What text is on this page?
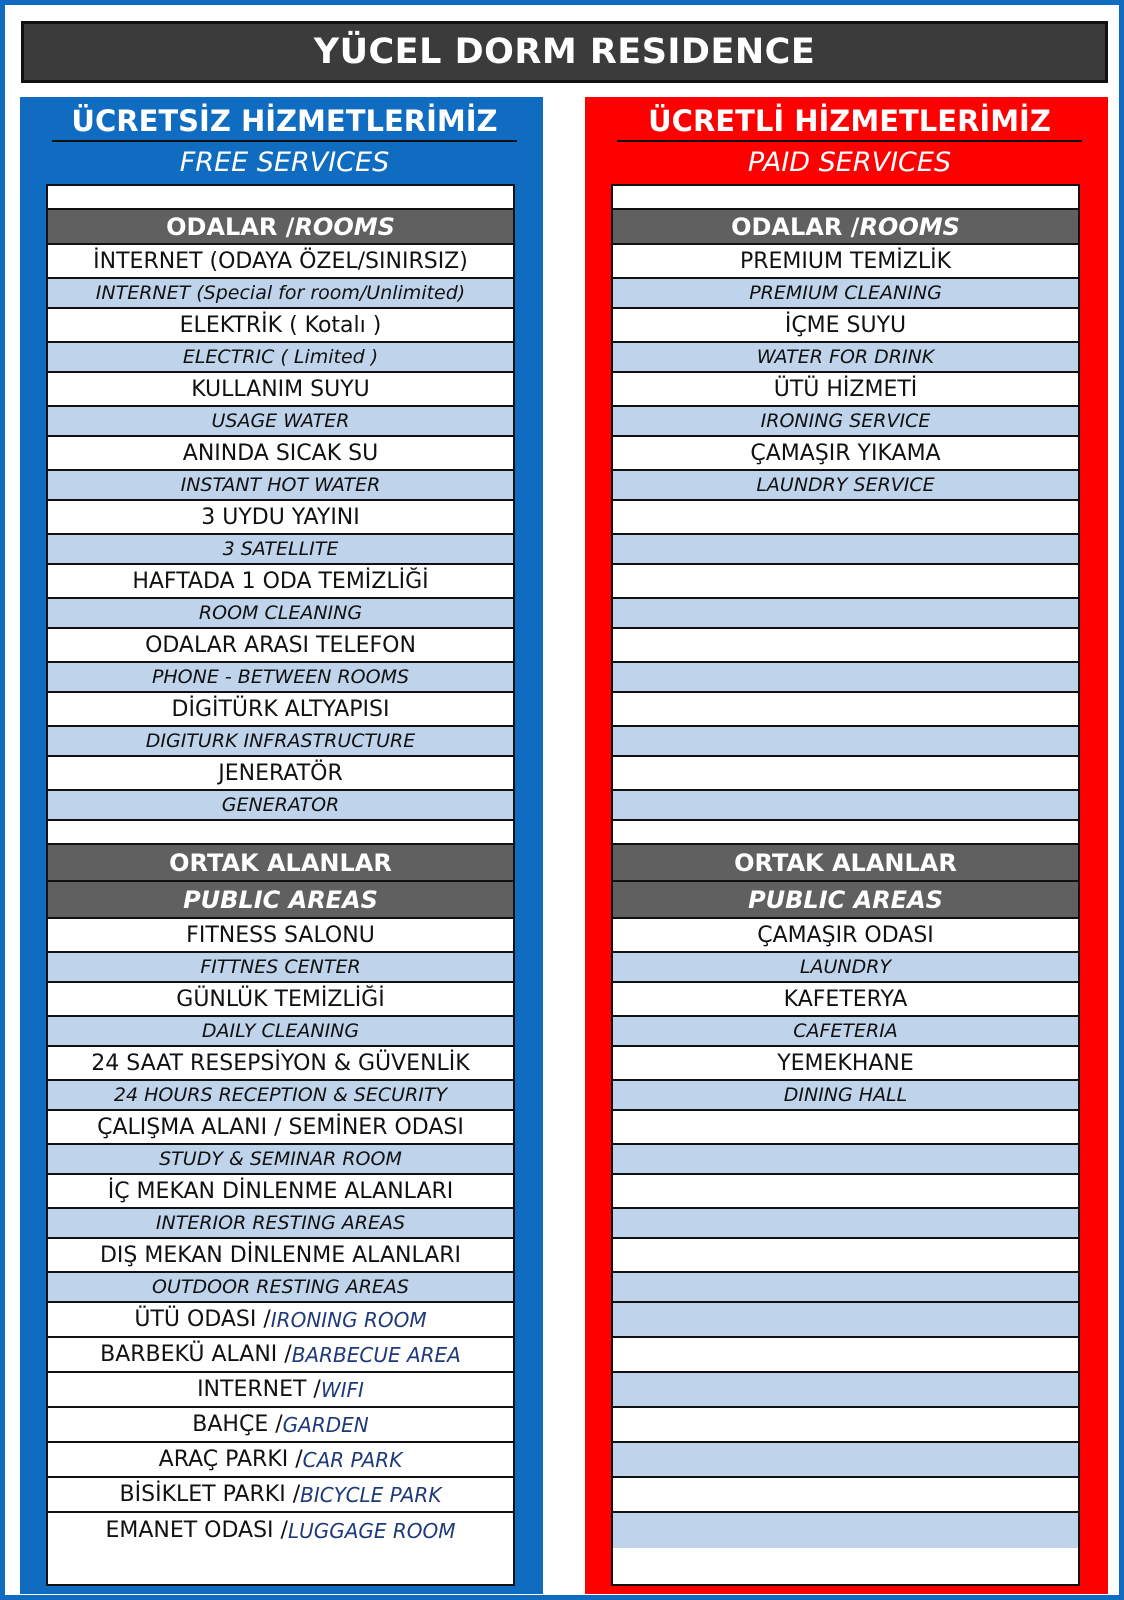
YÜCEL DORM RESIDENCE
ÜCRETSİZ HİZMETLERİMİZ
FREE SERVICES
ODALAR / ROOMS
İNTERNET (ODAYA ÖZEL/SINIRSIZ)
INTERNET (Special for room/Unlimited)
ELEKTRİK ( Kotalı )
ELECTRIC ( Limited )
KULLANIM SUYU
USAGE WATER
ANINDA SICAK SU
INSTANT HOT WATER
3 UYDU YAYINI
3 SATELLITE
HAFTADA 1 ODA TEMİZLİĞİ
ROOM CLEANING
ODALAR ARASI TELEFON
PHONE - BETWEEN ROOMS
DİGİTÜRK ALTYAPISI
DIGITURK INFRASTRUCTURE
JENERATÖR
GENERATOR
ORTAK ALANLAR
PUBLIC AREAS
FITNESS SALONU
FITTNES CENTER
GÜNLÜK TEMİZLİĞİ
DAILY CLEANING
24 SAAT RESEPSİYON & GÜVENLİK
24 HOURS RECEPTION & SECURITY
ÇALIŞMA ALANI / SEMİNER ODASI
STUDY & SEMINAR ROOM
İÇ MEKAN DİNLENME ALANLARI
INTERIOR RESTING AREAS
DIŞ MEKAN DİNLENME ALANLARI
OUTDOOR RESTING AREAS
ÜTÜ ODASI / IRONING ROOM
BARBEKÜ ALANI / BARBECUE AREA
INTERNET / WIFI
BAHÇE / GARDEN
ARAÇ PARKI / CAR PARK
BİSİKLET PARKI / BICYCLE PARK
EMANET ODASI / LUGGAGE ROOM
ÜCRETLİ HİZMETLERİMİZ
PAID SERVICES
ODALAR / ROOMS
PREMIUM TEMİZLİK
PREMIUM CLEANING
İÇME SUYU
WATER FOR DRINK
ÜTÜ HİZMETİ
IRONING SERVICE
ÇAMAŞIR YIKAMA
LAUNDRY SERVICE
ORTAK ALANLAR
PUBLIC AREAS
ÇAMAŞIR ODASI
LAUNDRY
KAFETERYA
CAFETERIA
YEMEKHANE
DINING HALL
